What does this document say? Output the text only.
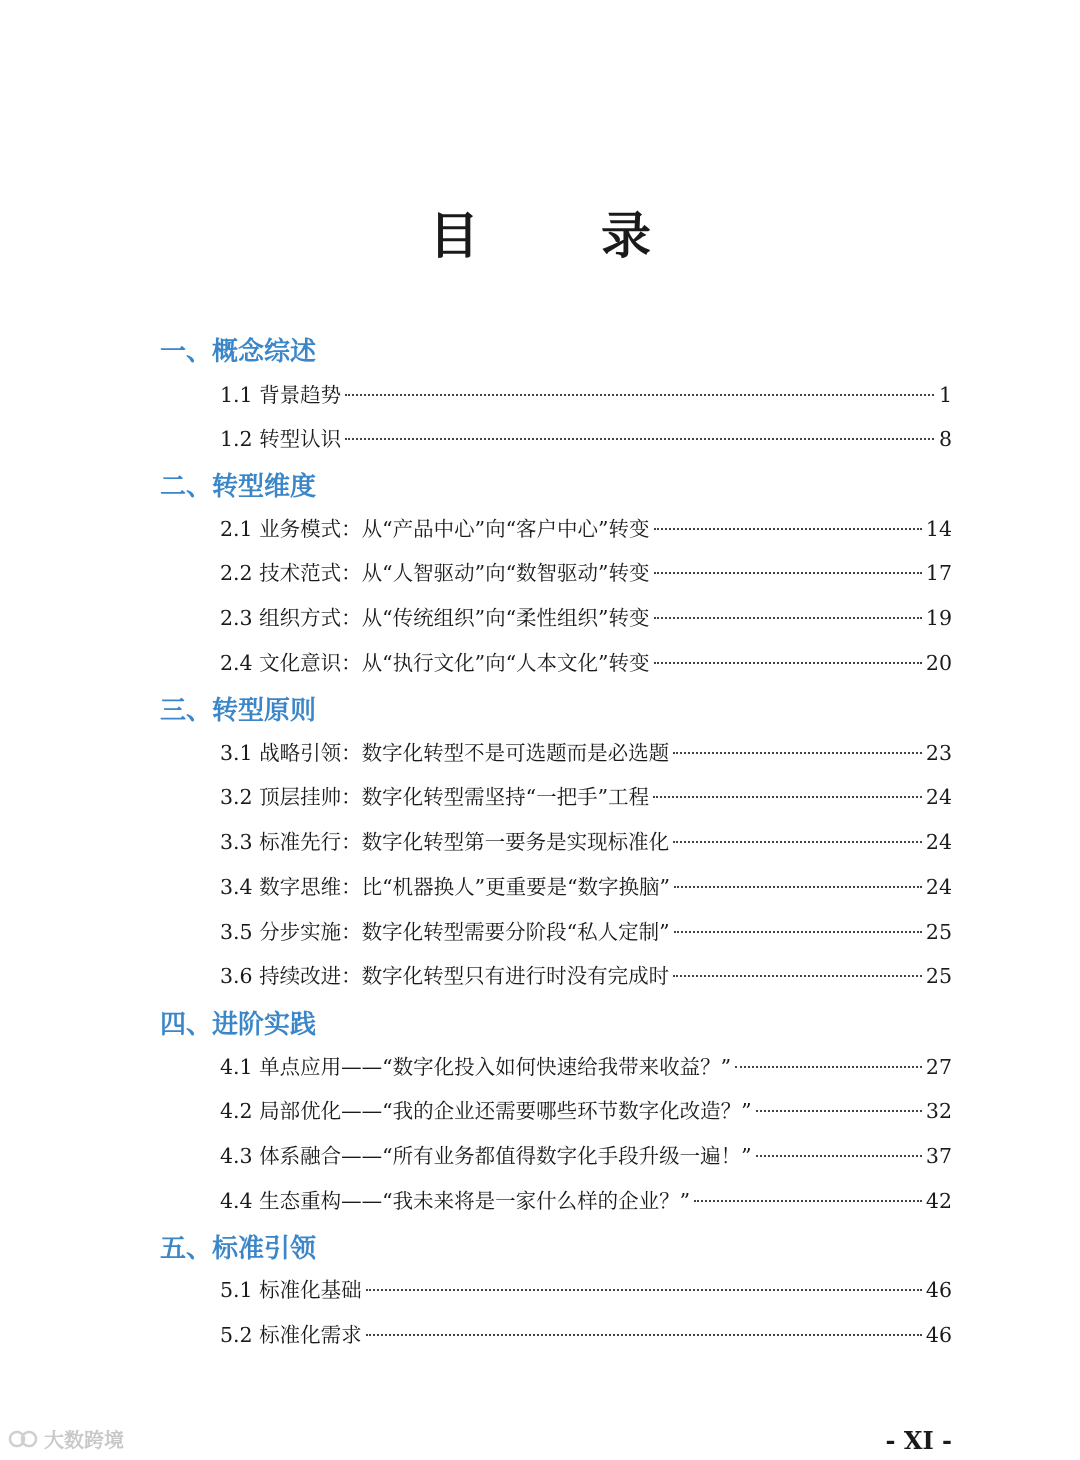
目　录
一、概念综述
1.1 背景趋势	1
1.2 转型认识	8
二、转型维度
2.1 业务模式：从“产品中心”向“客户中心”转变	14
2.2 技术范式：从“人智驱动”向“数智驱动”转变	17
2.3 组织方式：从“传统组织”向“柔性组织”转变	19
2.4 文化意识：从“执行文化”向“人本文化”转变	20
三、转型原则
3.1 战略引领：数字化转型不是可选题而是必选题	23
3.2 顶层挂帅：数字化转型需坚持“一把手”工程	24
3.3 标准先行：数字化转型第一要务是实现标准化	24
3.4 数字思维：比“机器换人”更重要是“数字换脑”	24
3.5 分步实施：数字化转型需要分阶段“私人定制”	25
3.6 持续改进：数字化转型只有进行时没有完成时	25
四、进阶实践
4.1 单点应用——“数字化投入如何快速给我带来收益？”	27
4.2 局部优化——“我的企业还需要哪些环节数字化改造？”	32
4.3 体系融合——“所有业务都值得数字化手段升级一遍！”	37
4.4 生态重构——“我未来将是一家什么样的企业？”	42
五、标准引领
5.1 标准化基础	46
5.2 标准化需求	46
大数跨境	- XI -
